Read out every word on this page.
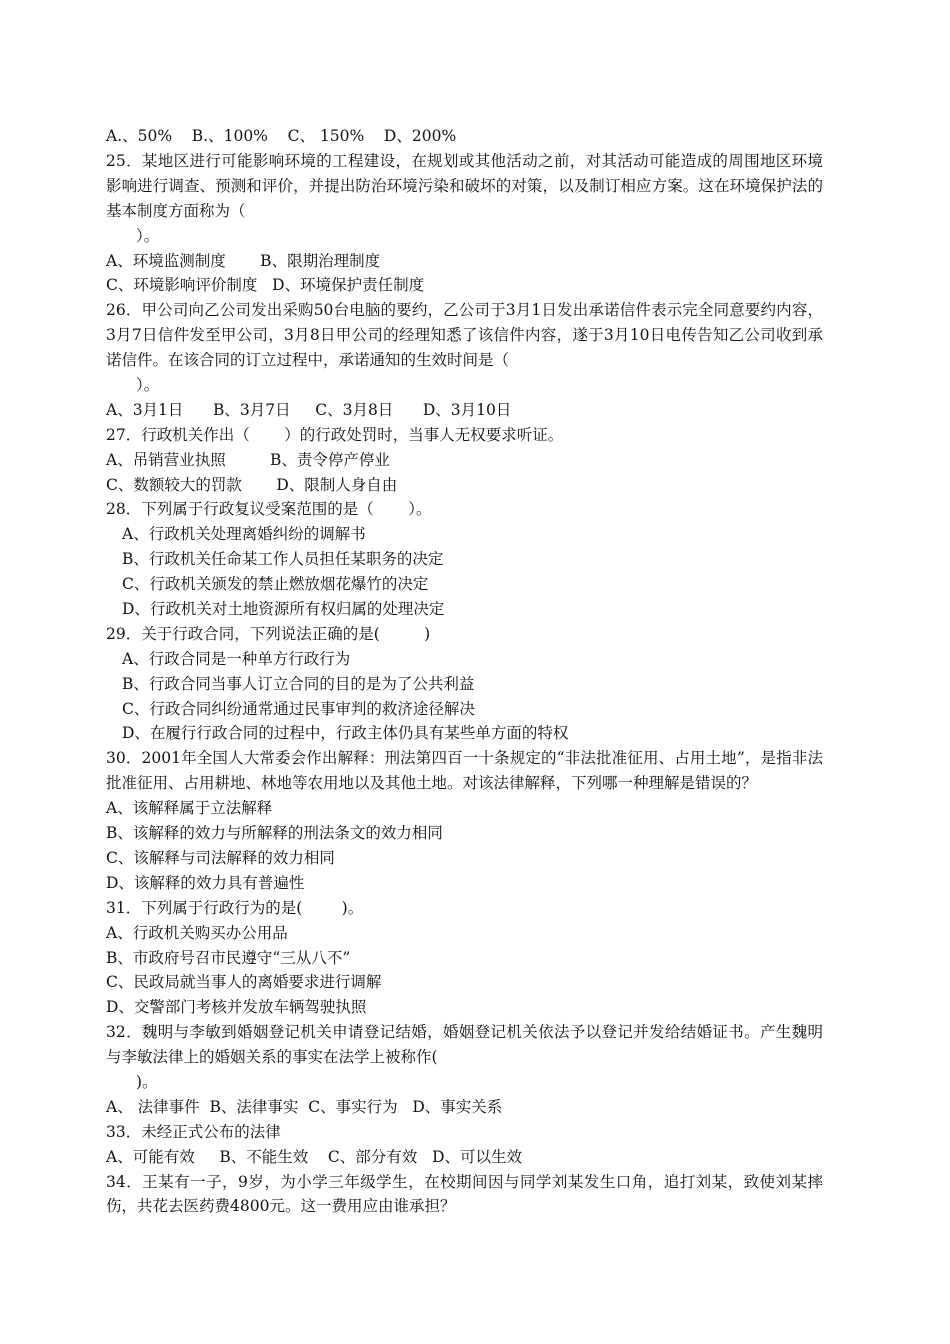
A.、50%    B.、100%    C、 150%    D、200%
25．某地区进行可能影响环境的工程建设，在规划或其他活动之前，对其活动可能造成的周围地区环境影响进行调查、预测和评价，并提出防治环境污染和破坏的对策，以及制订相应方案。这在环境保护法的基本制度方面称为（
）。
A、环境监测制度       B、限期治理制度
C、环境影响评价制度   D、环境保护责任制度
26．甲公司向乙公司发出采购50台电脑的要约，乙公司于3月1日发出承诺信件表示完全同意要约内容，3月7日信件发至甲公司，3月8日甲公司的经理知悉了该信件内容，遂于3月10日电传告知乙公司收到承诺信件。在该合同的订立过程中，承诺通知的生效时间是（
）。
A、3月1日      B、3月7日     C、3月8日      D、3月10日
27．行政机关作出（       ）的行政处罚时，当事人无权要求听证。
A、吊销营业执照         B、责令停产停业
C、数额较大的罚款       D、限制人身自由
28．下列属于行政复议受案范围的是（       ）。
A、行政机关处理离婚纠纷的调解书
B、行政机关任命某工作人员担任某职务的决定
C、行政机关颁发的禁止燃放烟花爆竹的决定
D、行政机关对土地资源所有权归属的处理决定
29．关于行政合同，下列说法正确的是(         )
A、行政合同是一种单方行政行为
B、行政合同当事人订立合同的目的是为了公共利益
C、行政合同纠纷通常通过民事审判的救济途径解决
D、在履行行政合同的过程中，行政主体仍具有某些单方面的特权
30．2001年全国人大常委会作出解释：刑法第四百一十条规定的“非法批准征用、占用土地”，是指非法批准征用、占用耕地、林地等农用地以及其他土地。对该法律解释，下列哪一种理解是错误的？
A、该解释属于立法解释
B、该解释的效力与所解释的刑法条文的效力相同
C、该解释与司法解释的效力相同
D、该解释的效力具有普遍性
31．下列属于行政行为的是(        )。
A、行政机关购买办公用品
B、市政府号召市民遵守“三从八不”
C、民政局就当事人的离婚要求进行调解
D、交警部门考核并发放车辆驾驶执照
32．魏明与李敏到婚姻登记机关申请登记结婚，婚姻登记机关依法予以登记并发给结婚证书。产生魏明与李敏法律上的婚姻关系的事实在法学上被称作(
)。
A、 法律事件  B、法律事实  C、事实行为   D、事实关系
33．未经正式公布的法律
A、可能有效     B、不能生效    C、部分有效   D、可以生效
34．王某有一子，9岁，为小学三年级学生，在校期间因与同学刘某发生口角，追打刘某，致使刘某摔伤，共花去医药费4800元。这一费用应由谁承担？
